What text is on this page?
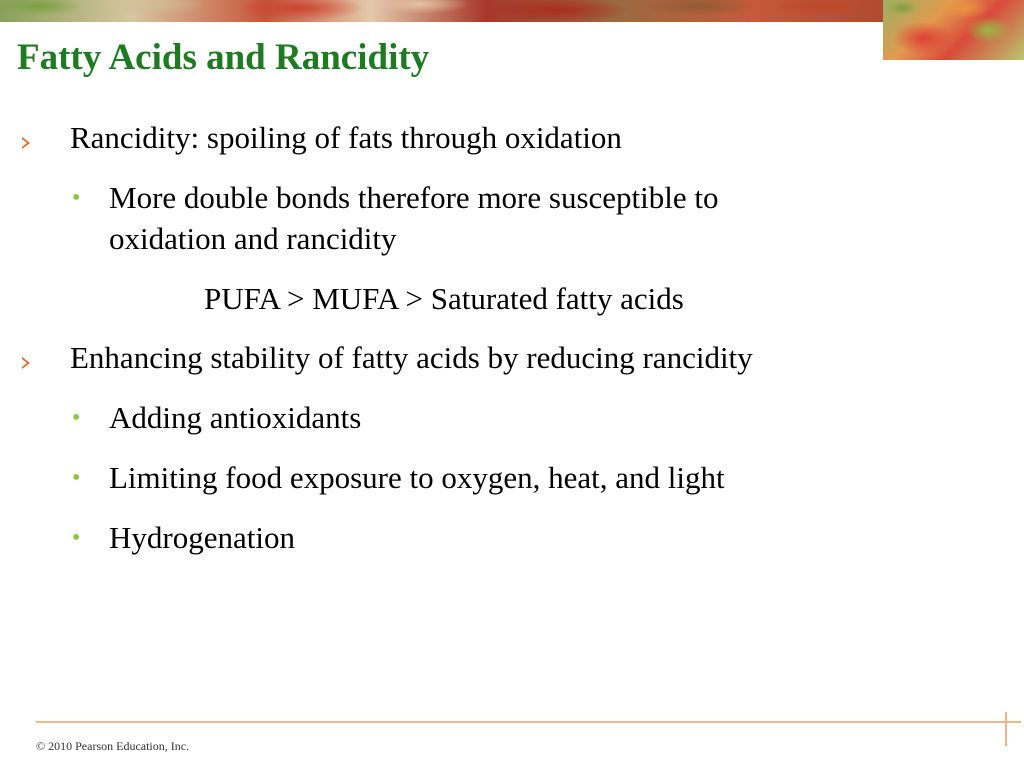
Fatty Acids and Rancidity
Rancidity: spoiling of fats through oxidation
• More double bonds therefore more susceptible to
oxidation and rancidity
PUFA > MUFA > Saturated fatty acids
Enhancing stability of fatty acids by reducing rancidity
• Adding antioxidants
• Limiting food exposure to oxygen, heat, and light
• Hydrogenation
© 2010 Pearson Education, Inc.
